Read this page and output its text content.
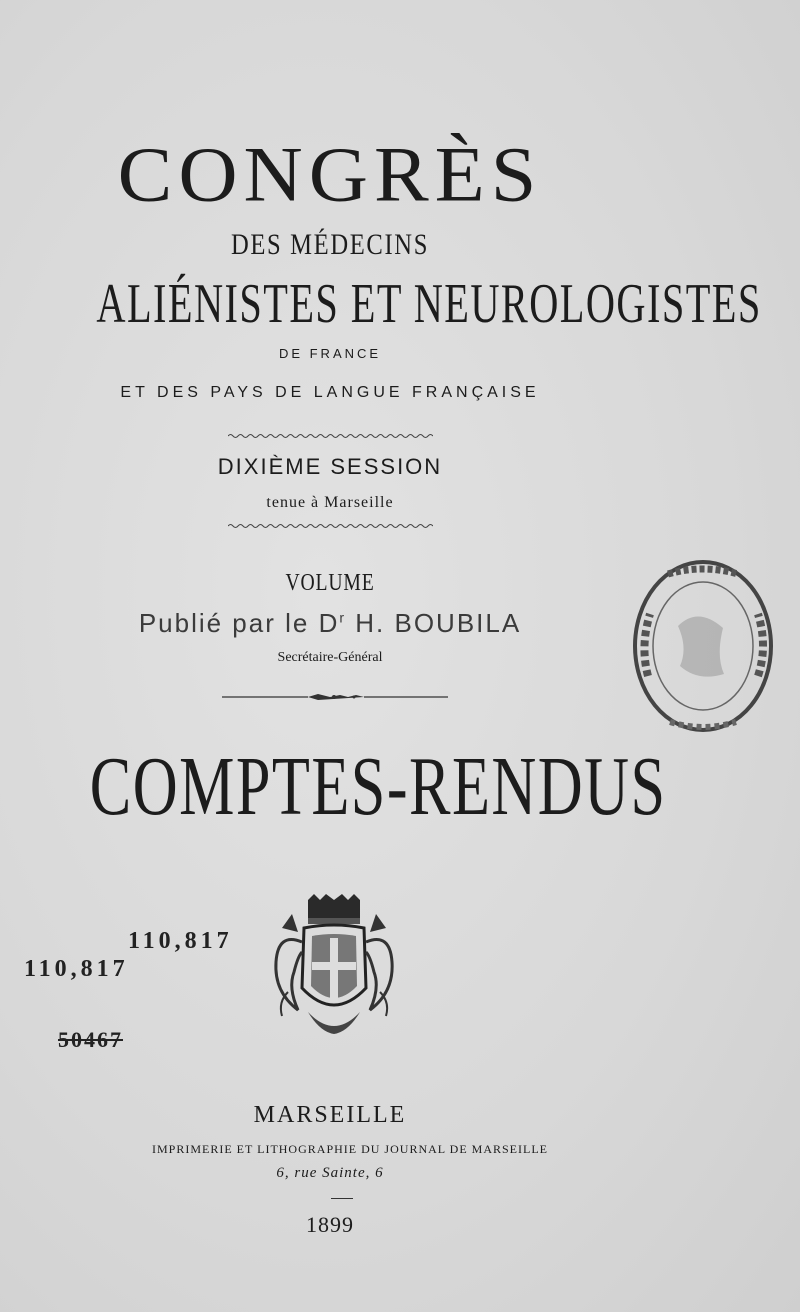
CONGRÈS
DES MÉDECINS
ALIÉNISTES ET NEUROLOGISTES
DE FRANCE
ET DES PAYS DE LANGUE FRANÇAISE
DIXIÈME SESSION
tenue à Marseille
VOLUME
Publié par le $D^r$ H. BOUBILA
Secrétaire-Général
COMPTES-RENDUS
110,817
110,817
50467
MARSEILLE
IMPRIMERIE ET LITHOGRAPHIE DU JOURNAL DE MARSEILLE
6, rue Sainte, 6
1899
